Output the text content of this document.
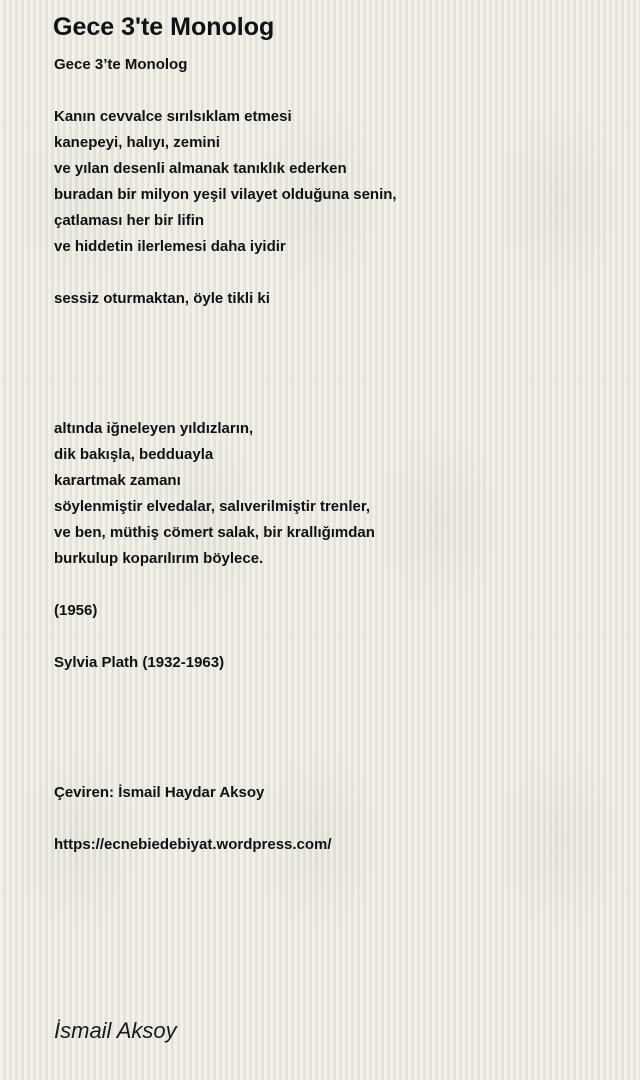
Gece 3'te Monolog
Gece 3’te Monolog
Kanın cevvalce sırılsıklam etmesi
kanepeyi, halıyı, zemini
ve yılan desenli almanak tanıklık ederken
buradan bir milyon yeşil vilayet olduğuna senin,
çatlaması her bir lifin
ve hiddetin ilerlemesi daha iyidir
sessiz oturmaktan, öyle tikli ki
altında iğneleyen yıldızların,
dik bakışla, bedduayla
karartmak zamanı
söylenmiştir elvedalar, salıverilmiştir trenler,
ve ben, müthiş cömert salak, bir krallığımdan
burkulup koparılırım böylece.
(1956)
Sylvia Plath (1932-1963)
Çeviren: İsmail Haydar Aksoy
https://ecnebiedebiyat.wordpress.com/
İsmail Aksoy
